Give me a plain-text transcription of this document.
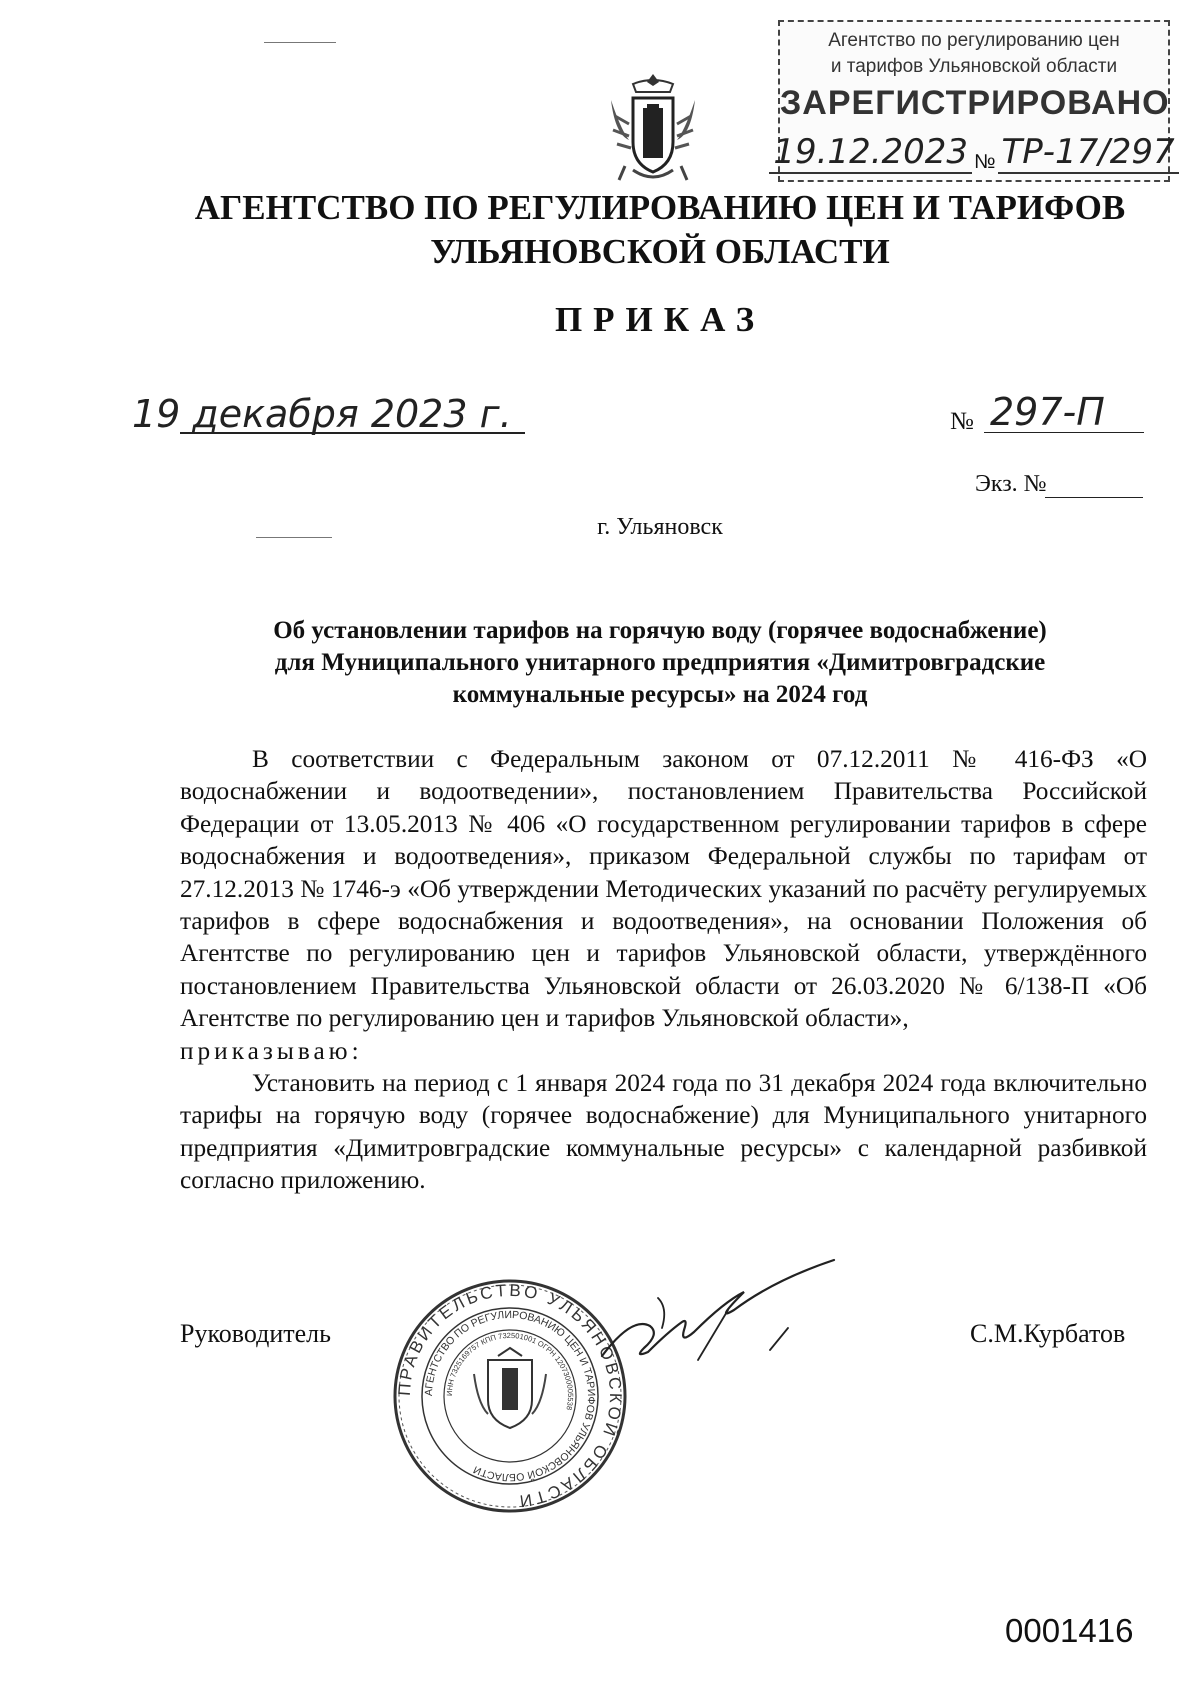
Агентство по регулированию цен
и тарифов Ульяновской области
ЗАРЕГИСТРИРОВАНО
19.12.2023 № ТР-17/297
АГЕНТСТВО ПО РЕГУЛИРОВАНИЮ ЦЕН И ТАРИФОВ
УЛЬЯНОВСКОЙ ОБЛАСТИ
ПРИКАЗ
19 декабря 2023 г.	№ 297-П
Экз. №
г. Ульяновск
Об установлении тарифов на горячую воду (горячее водоснабжение)
для Муниципального унитарного предприятия «Димитровградские
коммунальные ресурсы» на 2024 год

В соответствии с Федеральным законом от 07.12.2011 № 416-ФЗ «О водоснабжении и водоотведении», постановлением Правительства Российской Федерации от 13.05.2013 № 406 «О государственном регулировании тарифов в сфере водоснабжения и водоотведения», приказом Федеральной службы по тарифам от 27.12.2013 № 1746-э «Об утверждении Методических указаний по расчёту регулируемых тарифов в сфере водоснабжения и водоотведения», на основании Положения об Агентстве по регулированию цен и тарифов Ульяновской области, утверждённого постановлением Правительства Ульяновской области от 26.03.2020 № 6/138-П «Об Агентстве по регулированию цен и тарифов Ульяновской области»,

приказываю:

Установить на период с 1 января 2024 года по 31 декабря 2024 года включительно тарифы на горячую воду (горячее водоснабжение) для Муниципального унитарного предприятия «Димитровградские коммунальные ресурсы» с календарной разбивкой согласно приложению.

Руководитель	С.М.Курбатов
ПРАВИТЕЛЬСТВО УЛЬЯНОВСКОЙ ОБЛАСТИ
АГЕНТСТВО ПО РЕГУЛИРОВАНИЮ ЦЕН И ТАРИФОВ УЛЬЯНОВСКОЙ ОБЛАСТИ
ИНН 7325169757 КПП 732501001 ОГРН 1207300005538
0001416
